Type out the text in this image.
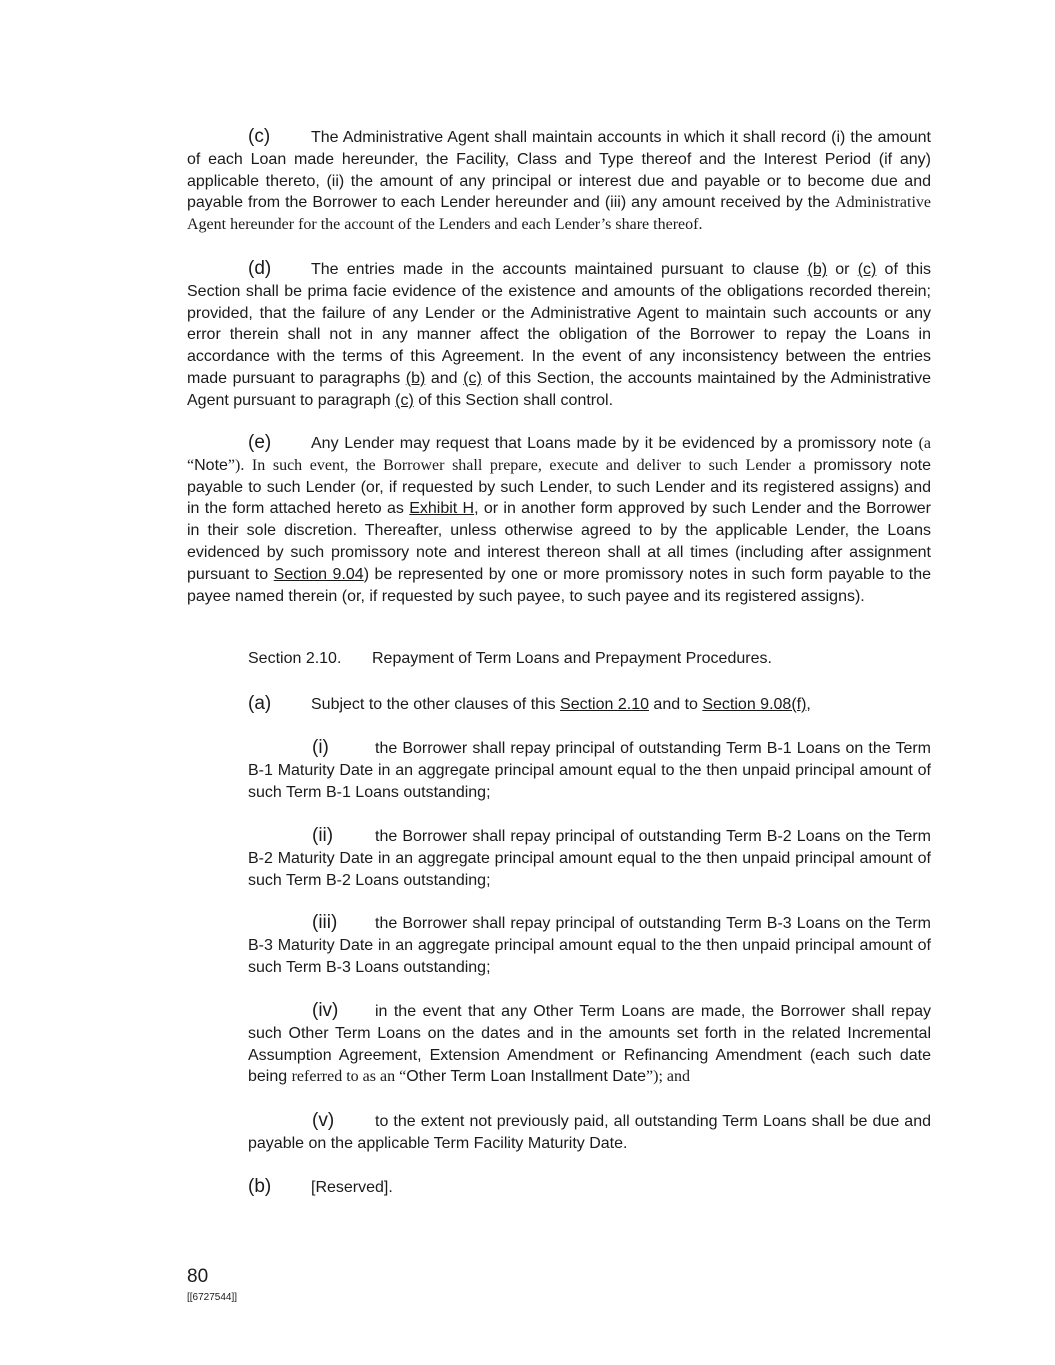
(c)	The Administrative Agent shall maintain accounts in which it shall record (i) the amount of each Loan made hereunder, the Facility, Class and Type thereof and the Interest Period (if any) applicable thereto, (ii) the amount of any principal or interest due and payable or to become due and payable from the Borrower to each Lender hereunder and (iii) any amount received by the Administrative Agent hereunder for the account of the Lenders and each Lender’s share thereof.

(d) The entries made in the accounts maintained pursuant to clause (b) or (c) of this Section shall be prima facie evidence of the existence and amounts of the obligations recorded therein; provided, that the failure of any Lender or the Administrative Agent to maintain such accounts or any error therein shall not in any manner affect the obligation of the Borrower to repay the Loans in accordance with the terms of this Agreement. In the event of any inconsistency between the entries made pursuant to paragraphs (b) and (c) of this Section, the accounts maintained by the Administrative Agent pursuant to paragraph (c) of this Section shall control.

(e) Any Lender may request that Loans made by it be evidenced by a promissory note (a “Note”). In such event, the Borrower shall prepare, execute and deliver to such Lender a promissory note payable to such Lender (or, if requested by such Lender, to such Lender and its registered assigns) and in the form attached hereto as Exhibit H, or in another form approved by such Lender and the Borrower in their sole discretion. Thereafter, unless otherwise agreed to by the applicable Lender, the Loans evidenced by such promissory note and interest thereon shall at all times (including after assignment pursuant to Section 9.04) be represented by one or more promissory notes in such form payable to the payee named therein (or, if requested by such payee, to such payee and its registered assigns).

Section 2.10. Repayment of Term Loans and Prepayment Procedures.

(a) Subject to the other clauses of this Section 2.10 and to Section 9.08(f),

(i)	the Borrower shall repay principal of outstanding Term B-1 Loans on the Term B-1 Maturity Date in an aggregate principal amount equal to the then unpaid principal amount of such Term B-1 Loans outstanding;

(ii)	the Borrower shall repay principal of outstanding Term B-2 Loans on the Term B-2 Maturity Date in an aggregate principal amount equal to the then unpaid principal amount of such Term B-2 Loans outstanding;

(iii) the Borrower shall repay principal of outstanding Term B-3 Loans on the Term B-3 Maturity Date in an aggregate principal amount equal to the then unpaid principal amount of such Term B-3 Loans outstanding;

(iv) in the event that any Other Term Loans are made, the Borrower shall repay such Other Term Loans on the dates and in the amounts set forth in the related Incremental Assumption Agreement, Extension Amendment or Refinancing Amendment (each such date being referred to as an “Other Term Loan Installment Date”); and

(v)	to the extent not previously paid, all outstanding Term Loans shall be due and payable on the applicable Term Facility Maturity Date.

(b) [Reserved].

80
[[6727544]]
